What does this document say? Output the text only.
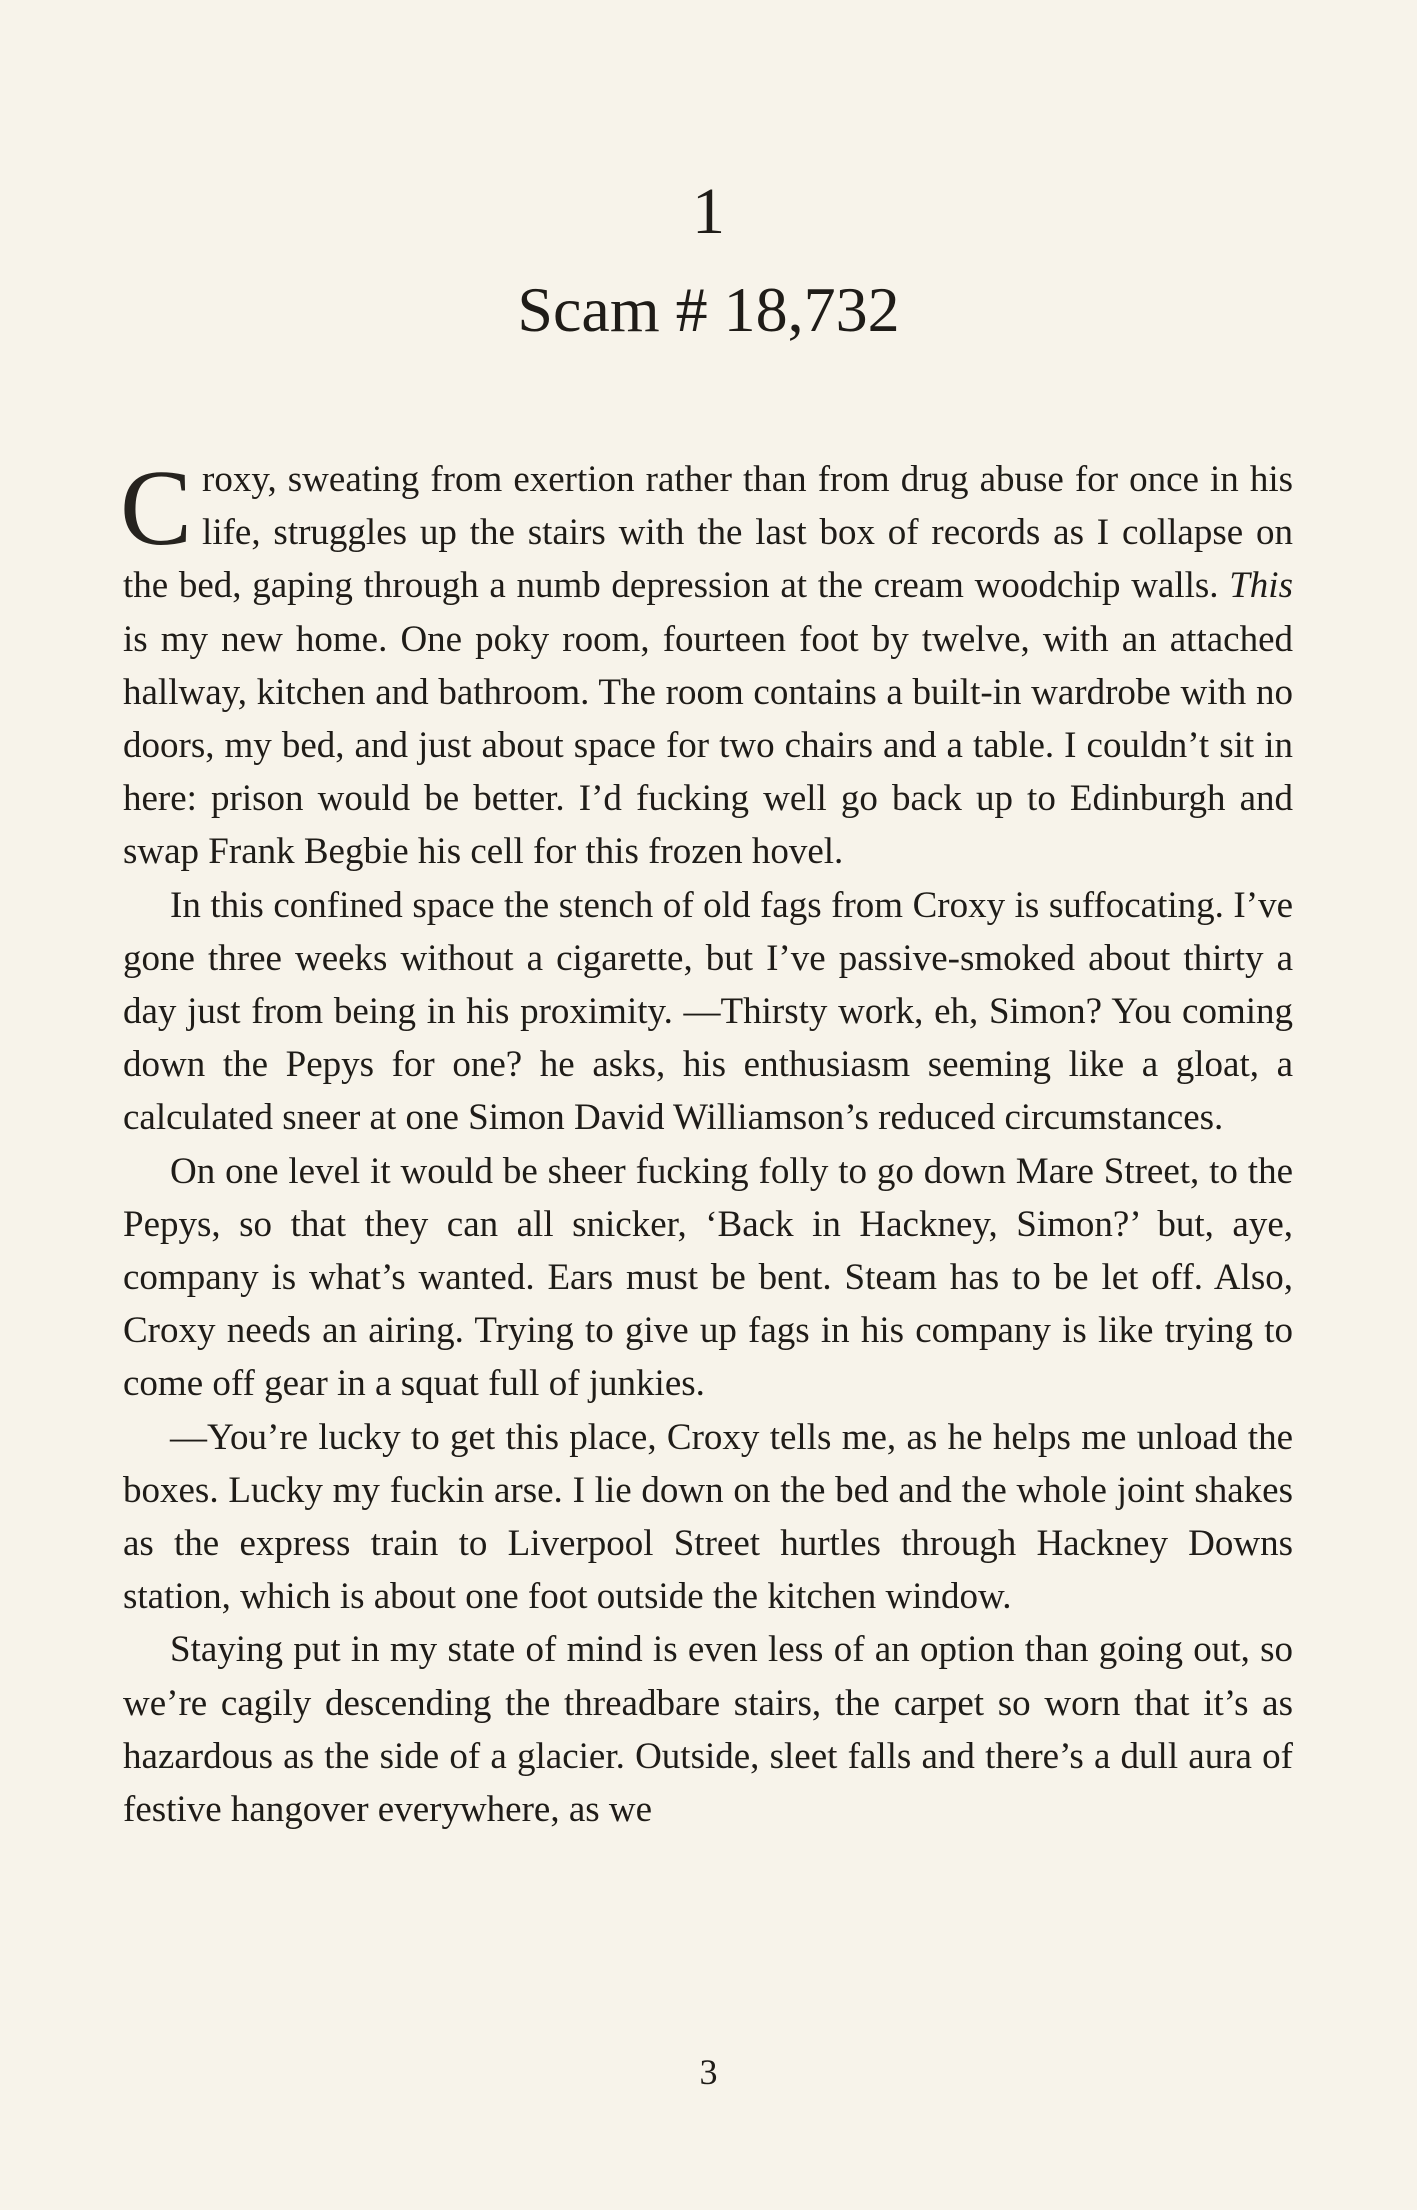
1
Scam # 18,732

Croxy, sweating from exertion rather than from drug abuse for once in his life, struggles up the stairs with the last box of records as I collapse on the bed, gaping through a numb depression at the cream woodchip walls. This is my new home. One poky room, fourteen foot by twelve, with an attached hallway, kitchen and bathroom. The room contains a built-in wardrobe with no doors, my bed, and just about space for two chairs and a table. I couldn’t sit in here: prison would be better. I’d fucking well go back up to Edinburgh and swap Frank Begbie his cell for this frozen hovel.

In this confined space the stench of old fags from Croxy is suffocating. I’ve gone three weeks without a cigarette, but I’ve passive-smoked about thirty a day just from being in his proximity. —Thirsty work, eh, Simon? You coming down the Pepys for one? he asks, his enthusiasm seeming like a gloat, a calculated sneer at one Simon David Williamson’s reduced circumstances.

On one level it would be sheer fucking folly to go down Mare Street, to the Pepys, so that they can all snicker, ‘Back in Hackney, Simon?’ but, aye, company is what’s wanted. Ears must be bent. Steam has to be let off. Also, Croxy needs an airing. Trying to give up fags in his company is like trying to come off gear in a squat full of junkies.

—You’re lucky to get this place, Croxy tells me, as he helps me unload the boxes. Lucky my fuckin arse. I lie down on the bed and the whole joint shakes as the express train to Liverpool Street hurtles through Hackney Downs station, which is about one foot outside the kitchen window.

Staying put in my state of mind is even less of an option than going out, so we’re cagily descending the threadbare stairs, the carpet so worn that it’s as hazardous as the side of a glacier. Outside, sleet falls and there’s a dull aura of festive hangover everywhere, as we

3
